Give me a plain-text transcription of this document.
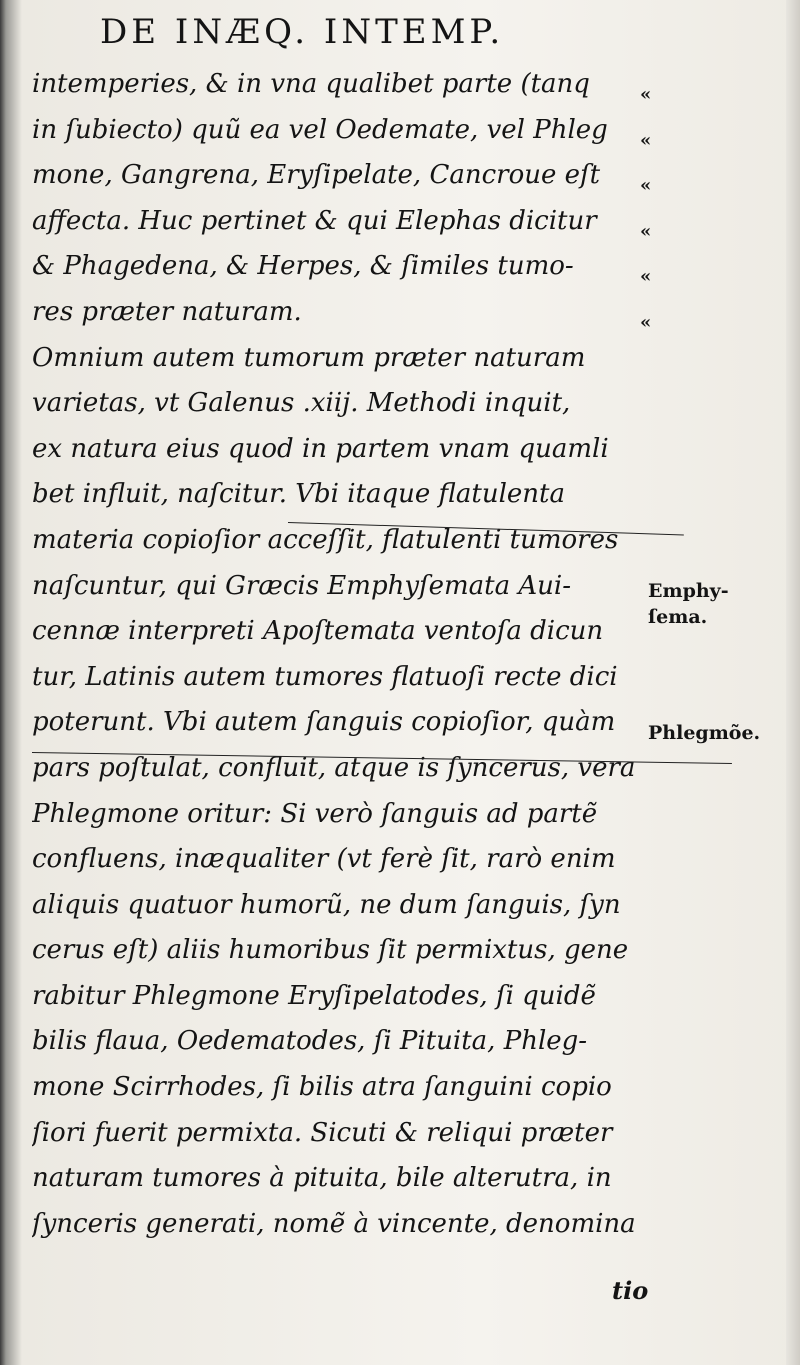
DE INÆQ. INTEMP.
intemperies, & in vna qualibet parte (tanq
in ſubiecto) quũ ea vel Oedemate, vel Phleg
mone, Gangrena, Eryſipelate, Cancroue eſt
affecta. Huc pertinet & qui Elephas dicitur
& Phagedena, & Herpes, & ſimiles tumo-
res præter naturam.
Omnium autem tumorum præter naturam
varietas, vt Galenus .xiij. Methodi inquit,
ex natura eius quod in partem vnam quamli
bet influit, naſcitur. Vbi itaque flatulenta
materia copioſior acceſſit, flatulenti tumores
naſcuntur, qui Græcis Emphyſemata Aui-
cennæ interpreti Apoſtemata ventoſa dicun
tur, Latinis autem tumores flatuoſi recte dici
poterunt. Vbi autem ſanguis copioſior, quàm
pars poſtulat, confluit, atque is ſyncerus, vera
Phlegmone oritur: Si verò ſanguis ad partẽ
confluens, inæqualiter (vt ferè ſit, rarò enim
aliquis quatuor humorũ, ne dum ſanguis, ſyn
cerus eſt) aliis humoribus ſit permixtus, gene
rabitur Phlegmone Eryſipelatodes, ſi quidẽ
bilis flaua, Oedematodes, ſi Pituita, Phleg-
mone Scirrhodes, ſi bilis atra ſanguini copio
ſiori fuerit permixta. Sicuti & reliqui præter
naturam tumores à pituita, bile alterutra, in
ſynceris generati, nomẽ à vincente, denomina
«
«
«
«
«
«
Emphy-
ſema.
Phlegmõe.
tio
